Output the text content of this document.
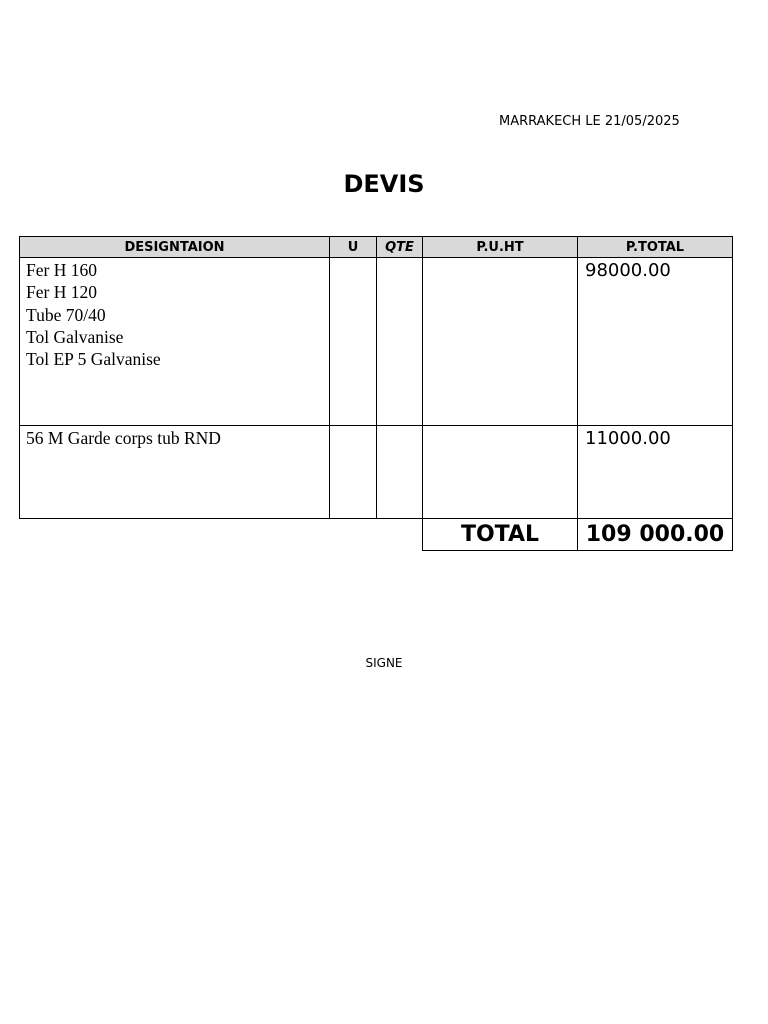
MARRAKECH LE 21/05/2025
DEVIS
DESIGNTAION	U	QTE	P.U.HT	P.TOTAL

Fer H 160
Fer H 120
Tube 70/40
Tol Galvanise
Tol EP 5 Galvanise				98000.00

56 M Garde corps tub RND				11000.00
			TOTAL	109 000.00
SIGNE
